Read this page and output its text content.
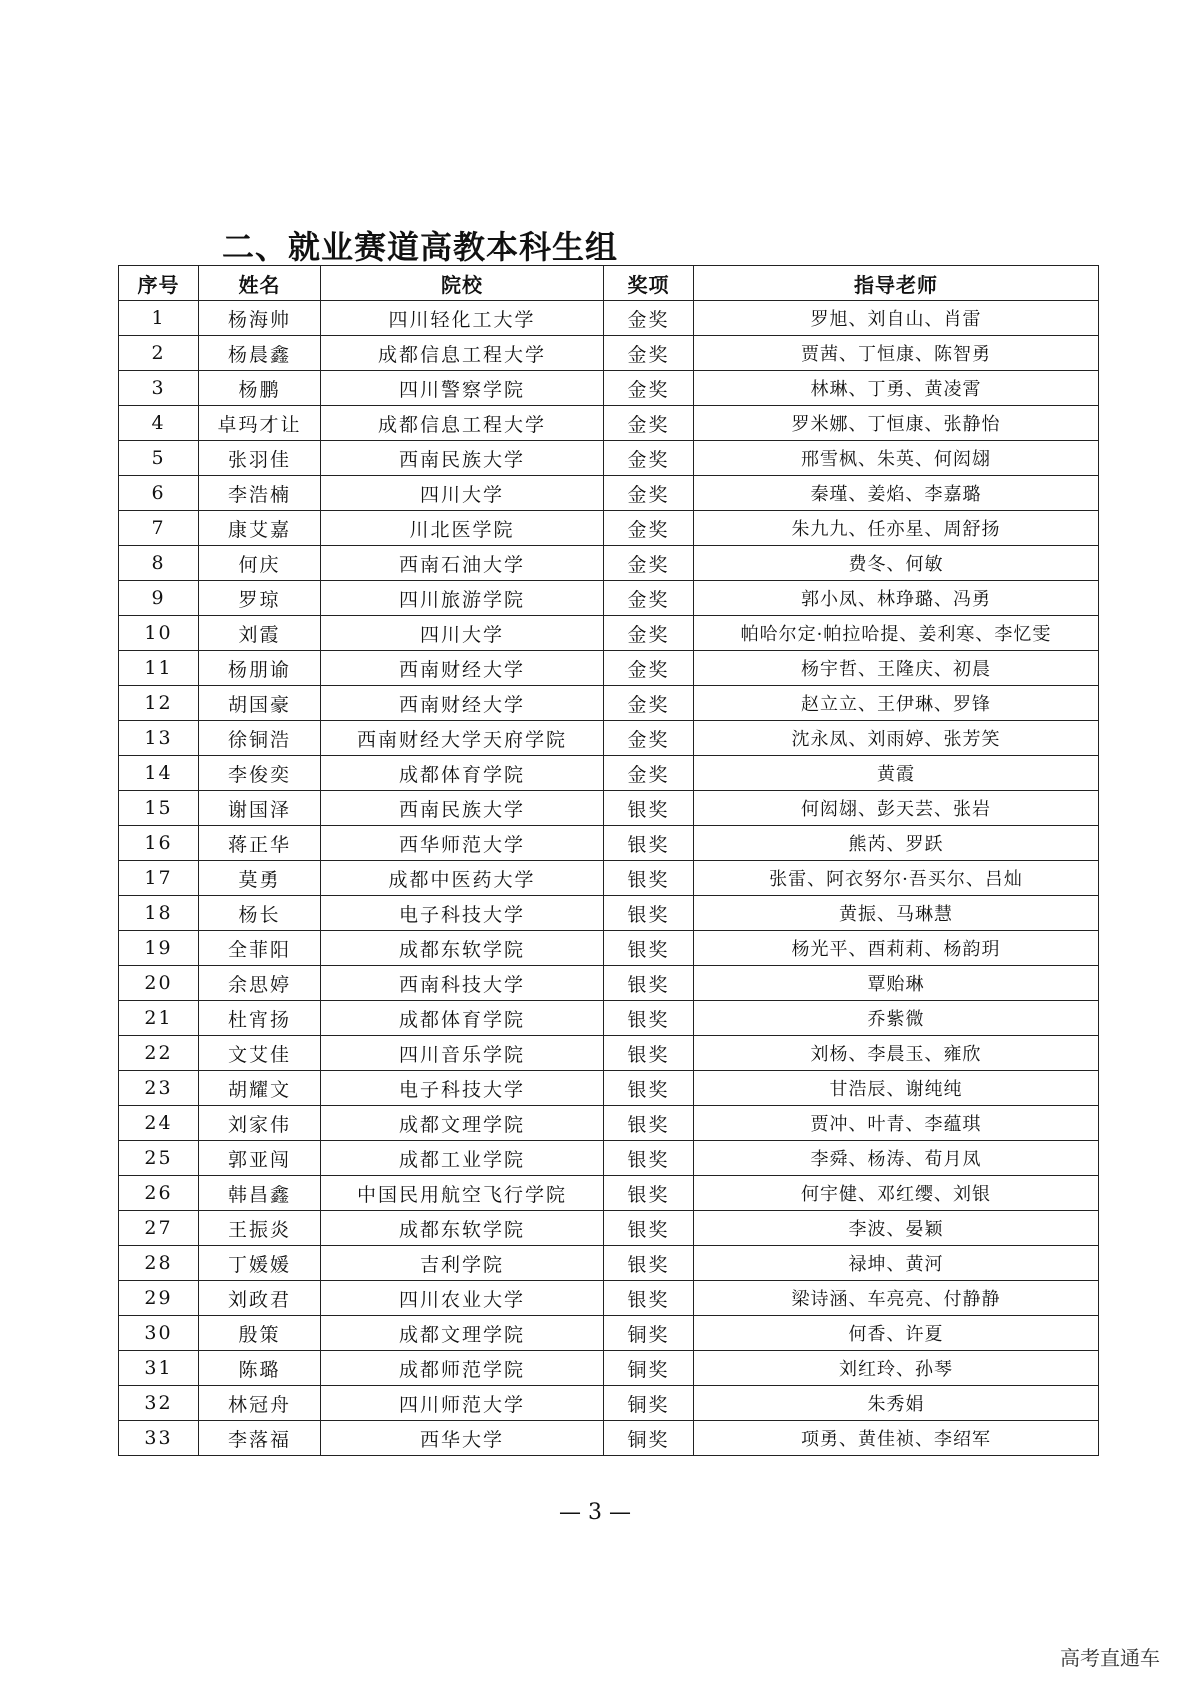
二、就业赛道高教本科生组
序号	姓名	院校	奖项	指导老师
1	杨海帅	四川轻化工大学	金奖	罗旭、刘自山、肖雷
2	杨晨鑫	成都信息工程大学	金奖	贾茜、丁恒康、陈智勇
3	杨鹏	四川警察学院	金奖	林琳、丁勇、黄凌霄
4	卓玛才让	成都信息工程大学	金奖	罗米娜、丁恒康、张静怡
5	张羽佳	西南民族大学	金奖	邢雪枫、朱英、何闳翃
6	李浩楠	四川大学	金奖	秦瑾、姜焰、李嘉璐
7	康艾嘉	川北医学院	金奖	朱九九、任亦星、周舒扬
8	何庆	西南石油大学	金奖	费冬、何敏
9	罗琼	四川旅游学院	金奖	郭小凤、林琤璐、冯勇
10	刘霞	四川大学	金奖	帕哈尔定·帕拉哈提、姜利寒、李忆雯
11	杨朋谕	西南财经大学	金奖	杨宇哲、王隆庆、初晨
12	胡国豪	西南财经大学	金奖	赵立立、王伊琳、罗锋
13	徐铜浩	西南财经大学天府学院	金奖	沈永凤、刘雨婷、张芳笑
14	李俊奕	成都体育学院	金奖	黄霞
15	谢国泽	西南民族大学	银奖	何闳翃、彭天芸、张岩
16	蒋正华	西华师范大学	银奖	熊芮、罗跃
17	莫勇	成都中医药大学	银奖	张雷、阿衣努尔·吾买尔、吕灿
18	杨长	电子科技大学	银奖	黄振、马琳慧
19	全菲阳	成都东软学院	银奖	杨光平、酉莉莉、杨韵玥
20	余思婷	西南科技大学	银奖	覃贻琳
21	杜宵扬	成都体育学院	银奖	乔紫微
22	文艾佳	四川音乐学院	银奖	刘杨、李晨玉、雍欣
23	胡耀文	电子科技大学	银奖	甘浩辰、谢纯纯
24	刘家伟	成都文理学院	银奖	贾冲、叶青、李蕴琪
25	郭亚闯	成都工业学院	银奖	李舜、杨涛、荀月凤
26	韩昌鑫	中国民用航空飞行学院	银奖	何宇健、邓红缨、刘银
27	王振炎	成都东软学院	银奖	李波、晏颖
28	丁媛媛	吉利学院	银奖	禄坤、黄河
29	刘政君	四川农业大学	银奖	梁诗涵、车亮亮、付静静
30	殷策	成都文理学院	铜奖	何香、许夏
31	陈璐	成都师范学院	铜奖	刘红玲、孙琴
32	林冠舟	四川师范大学	铜奖	朱秀娟
33	李落福	西华大学	铜奖	项勇、黄佳祯、李绍军
— 3 —
高考直通车
